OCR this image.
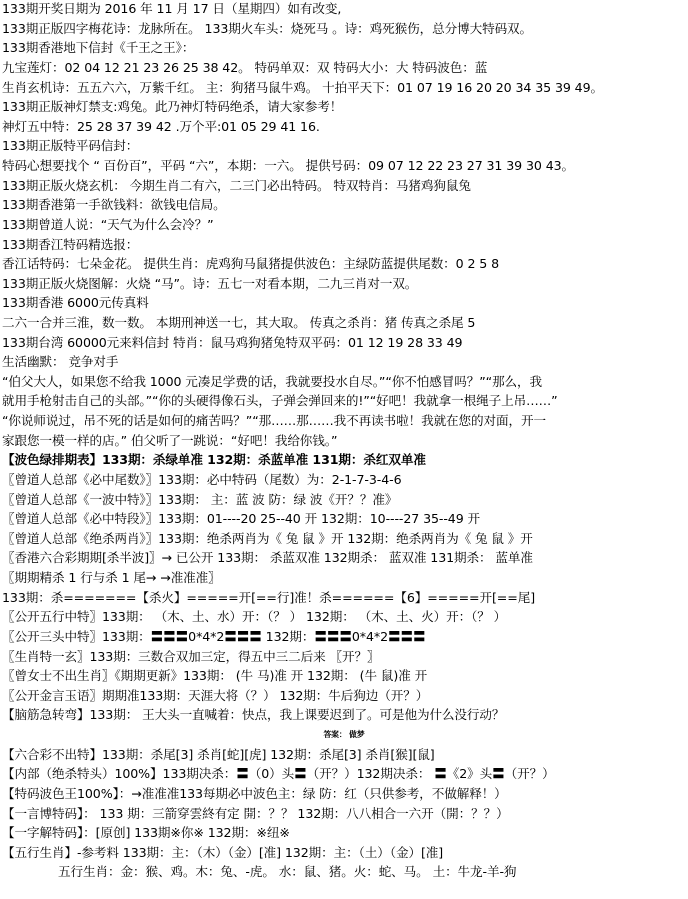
133期开奖日期为 2016 年 11 月 17 日（星期四）如有改变,
133期正版四字梅花诗：龙脉所在。 133期火车头：烧死马 。诗：鸡死猴伤，总分博大特码双。
133期香港地下信封《千王之王》：
九宝莲灯：02 04 12 21 23 26 25 38 42。 特码单双：双 特码大小：大 特码波色：蓝
生肖玄机诗：五五六六，万紫千红。 主：狗猪马鼠牛鸡。 十拍平天下：01 07 19 16 20 20 34 35 39 49。
133期正版神灯禁支:鸡兔。此乃神灯特码绝杀，请大家参考！
神灯五中特：25 28 37 39 42 .万个平:01 05 29 41 16.
133期正版特平码信封：
特码心想要找个 “ 百份百”，平码 “六”，本期：一六。 提供号码：09 07 12 22 23 27 31 39 30 43。
133期正版火烧玄机： 今期生肖二有六，二三门必出特码。 特双特肖：马猪鸡狗鼠兔
133期香港第一手欲钱料：欲钱电信局。
133期曾道人说：“天气为什么会冷？”
133期香江特码精选报：
香江话特码：七朵金花。 提供生肖：虎鸡狗马鼠猪提供波色：主绿防蓝提供尾数：0 2 5 8
133期正版火烧图解：火烧 “马”。诗：五七一对看本期，二九三肖对一双。
133期香港 6000元传真料
二六一合并三淮，数一数。 本期刑神送一七，其大取。 传真之杀肖：猪 传真之杀尾 5
133期台湾 60000元来料信封 特肖：鼠马鸡狗猪兔特双平码：01 12 19 28 33 49
生活幽默： 竞争对手
“伯父大人，如果您不给我 1000 元凑足学费的话，我就要投水自尽。”“你不怕感冒吗？”“那么，我
就用手枪射击自己的头部。”“你的头硬得像石头，子弹会弹回来的!”“好吧！我就拿一根绳子上吊……”
“你说师说过，吊不死的话是如何的痛苦吗？”“那……那……我不再读书啦！我就在您的对面，开一
家跟您一模一样的店。” 伯父听了一跳说：“好吧！我给你钱。”
【波色绿排期表】133期：杀绿单准 132期：杀蓝单准 131期：杀红双单准
〖曾道人总部《必中尾数》〗133期：必中特码（尾数）为：2-1-7-3-4-6
〖曾道人总部《一波中特》〗133期： 主：蓝 波 防：绿 波《开？？准》
〖曾道人总部《必中特段》〗133期：01----20 25--40 开 132期：10----27 35--49 开
〖曾道人总部《绝杀两肖》〗133期：绝杀两肖为《 兔 鼠 》开 132期：绝杀两肖为《 兔 鼠 》开
〖香港六合彩期期[杀半波]〗→ 已公开 133期： 杀蓝双准 132期杀： 蓝双准 131期杀： 蓝单准
〖期期精杀 1 行与杀 1 尾→ →准准准〗
133期：杀=======【杀火】=====开[==行]准！杀======【6】=====开[==尾]
〖公开五行中特〗133期： （木、土、水）开：（？ ） 132期： （木、土、火）开：（？ ）
〖公开三头中特〗133期：〓〓〓0*4*2〓〓〓 132期：〓〓〓0*4*2〓〓〓
〖生肖特一玄〗133期：三数合双加三定，得五中三二后来 〖开？〗
〖曾女士不出生肖〗《期期更新》133期： (牛 马)准 开 132期： (牛 鼠)准 开
〖公开金言玉语〗期期准133期：天涯大将（？） 132期：牛后狗边（开？）
【脑筋急转弯】133期： 王大头一直喊着：快点，我上课要迟到了。可是他为什么没行动？
答案： 做梦
【六合彩不出特】133期：杀尾[3] 杀肖[蛇][虎] 132期：杀尾[3] 杀肖[猴][鼠]
【内部（绝杀特头）100%】133期决杀：〓（0）头〓（开？）132期决杀： 〓《2》头〓（开？）
【特码波色王100%】：→准准准133每期必中波色主：绿 防：红（只供参考，不做解释！）
【一言博特码】： 133 期：三箭穿雲終有定 開：？？ 132期：八八相合一六开（開：？？）
【一字解特码】：[原创] 133期※你※ 132期：※纽※
【五行生肖】-参考料 133期：主：（木）（金）[准] 132期：主：（土）（金）[准]
五行生肖：金：猴、鸡。木：兔、-虎。 水：鼠、猪。火：蛇、马。 土：牛龙-羊-狗
